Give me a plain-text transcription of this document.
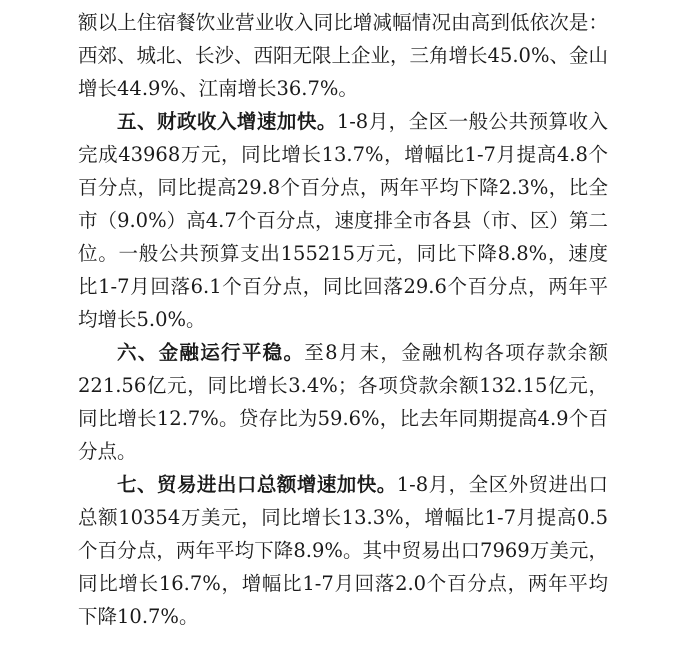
额以上住宿餐饮业营业收入同比增减幅情况由高到低依次是：西郊、城北、长沙、西阳无限上企业，三角增长45.0%、金山增长44.9%、江南增长36.7%。

五、财政收入增速加快。1-8月，全区一般公共预算收入完成43968万元，同比增长13.7%，增幅比1-7月提高4.8个百分点，同比提高29.8个百分点，两年平均下降2.3%，比全市（9.0%）高4.7个百分点，速度排全市各县（市、区）第二位。一般公共预算支出155215万元，同比下降8.8%，速度比1-7月回落6.1个百分点，同比回落29.6个百分点，两年平均增长5.0%。

六、金融运行平稳。至8月末，金融机构各项存款余额221.56亿元，同比增长3.4%；各项贷款余额132.15亿元，同比增长12.7%。贷存比为59.6%，比去年同期提高4.9个百分点。

七、贸易进出口总额增速加快。1-8月，全区外贸进出口总额10354万美元，同比增长13.3%，增幅比1-7月提高0.5个百分点，两年平均下降8.9%。其中贸易出口7969万美元，同比增长16.7%，增幅比1-7月回落2.0个百分点，两年平均下降10.7%。
